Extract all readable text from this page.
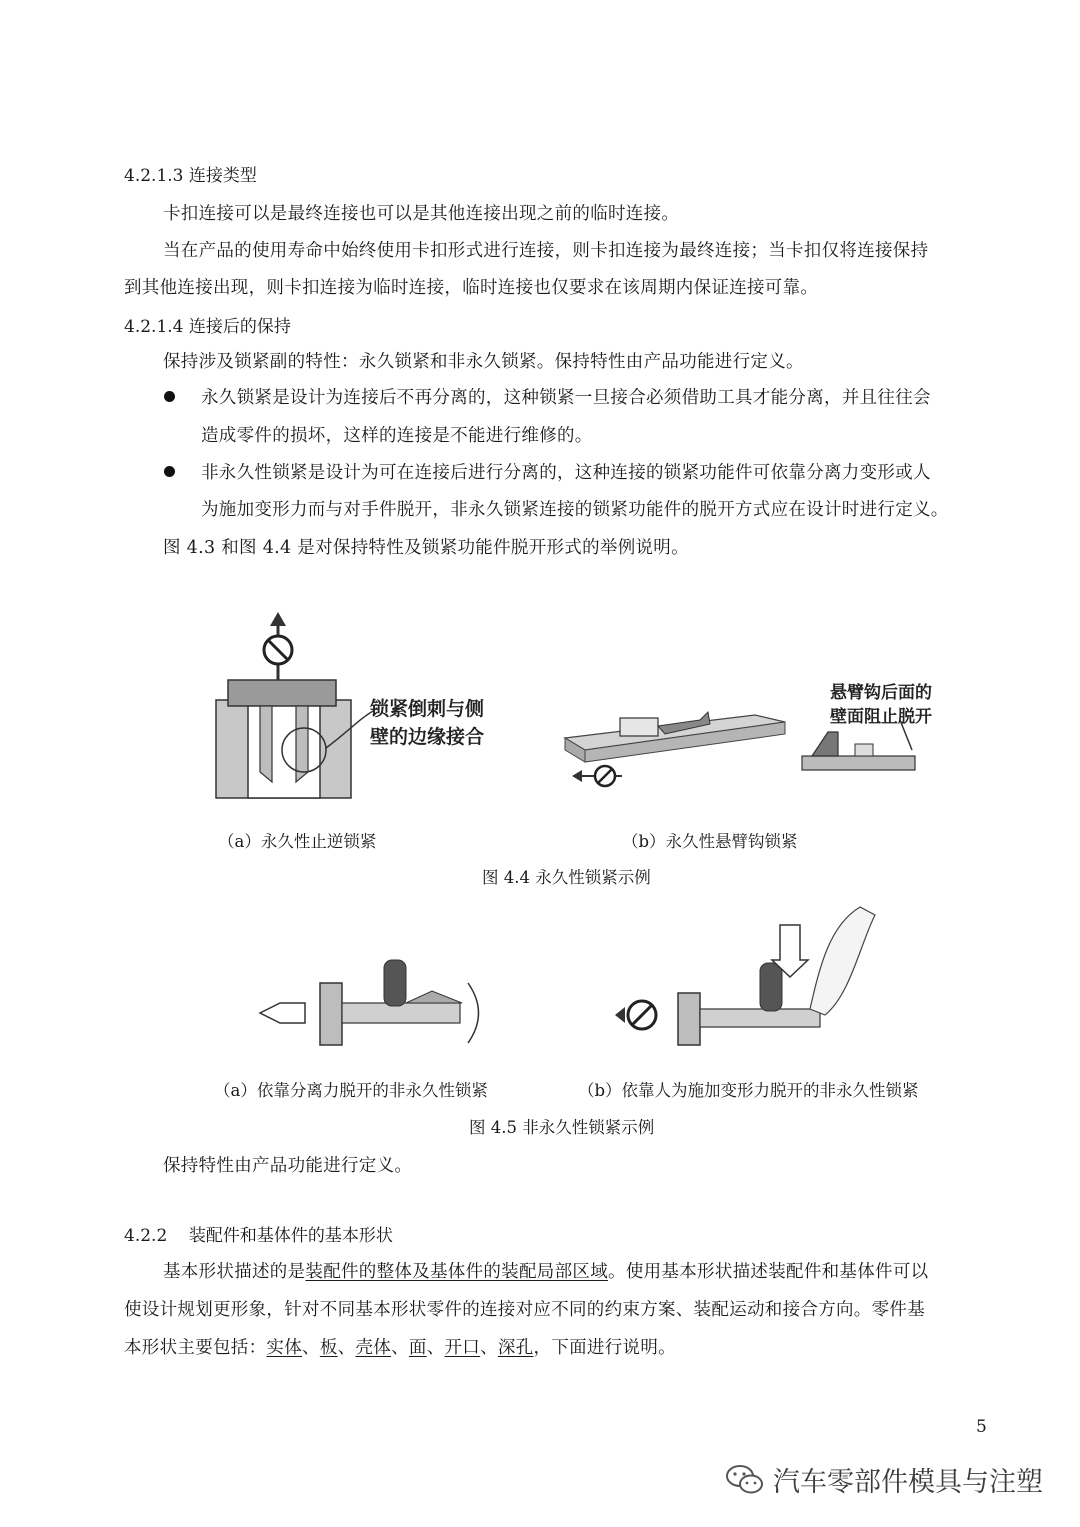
4.2.1.3 连接类型
卡扣连接可以是最终连接也可以是其他连接出现之前的临时连接。
当在产品的使用寿命中始终使用卡扣形式进行连接，则卡扣连接为最终连接；当卡扣仅将连接保持
到其他连接出现，则卡扣连接为临时连接，临时连接也仅要求在该周期内保证连接可靠。
4.2.1.4 连接后的保持
保持涉及锁紧副的特性：永久锁紧和非永久锁紧。保持特性由产品功能进行定义。
永久锁紧是设计为连接后不再分离的，这种锁紧一旦接合必须借助工具才能分离，并且往往会
造成零件的损坏，这样的连接是不能进行维修的。
非永久性锁紧是设计为可在连接后进行分离的，这种连接的锁紧功能件可依靠分离力变形或人
为施加变形力而与对手件脱开，非永久锁紧连接的锁紧功能件的脱开方式应在设计时进行定义。
图 4.3 和图 4.4 是对保持特性及锁紧功能件脱开形式的举例说明。
锁紧倒刺与侧
壁的边缘接合
悬臂钩后面的
壁面阻止脱开
（a）永久性止逆锁紧	（b）永久性悬臂钩锁紧
图 4.4 永久性锁紧示例
（a）依靠分离力脱开的非永久性锁紧	（b）依靠人为施加变形力脱开的非永久性锁紧
图 4.5 非永久性锁紧示例
保持特性由产品功能进行定义。
4.2.2    装配件和基体件的基本形状
基本形状描述的是装配件的整体及基体件的装配局部区域。使用基本形状描述装配件和基体件可以
使设计规划更形象，针对不同基本形状零件的连接对应不同的约束方案、装配运动和接合方向。零件基
本形状主要包括：实体、板、壳体、面、开口、深孔，下面进行说明。
5
汽车零部件模具与注塑
